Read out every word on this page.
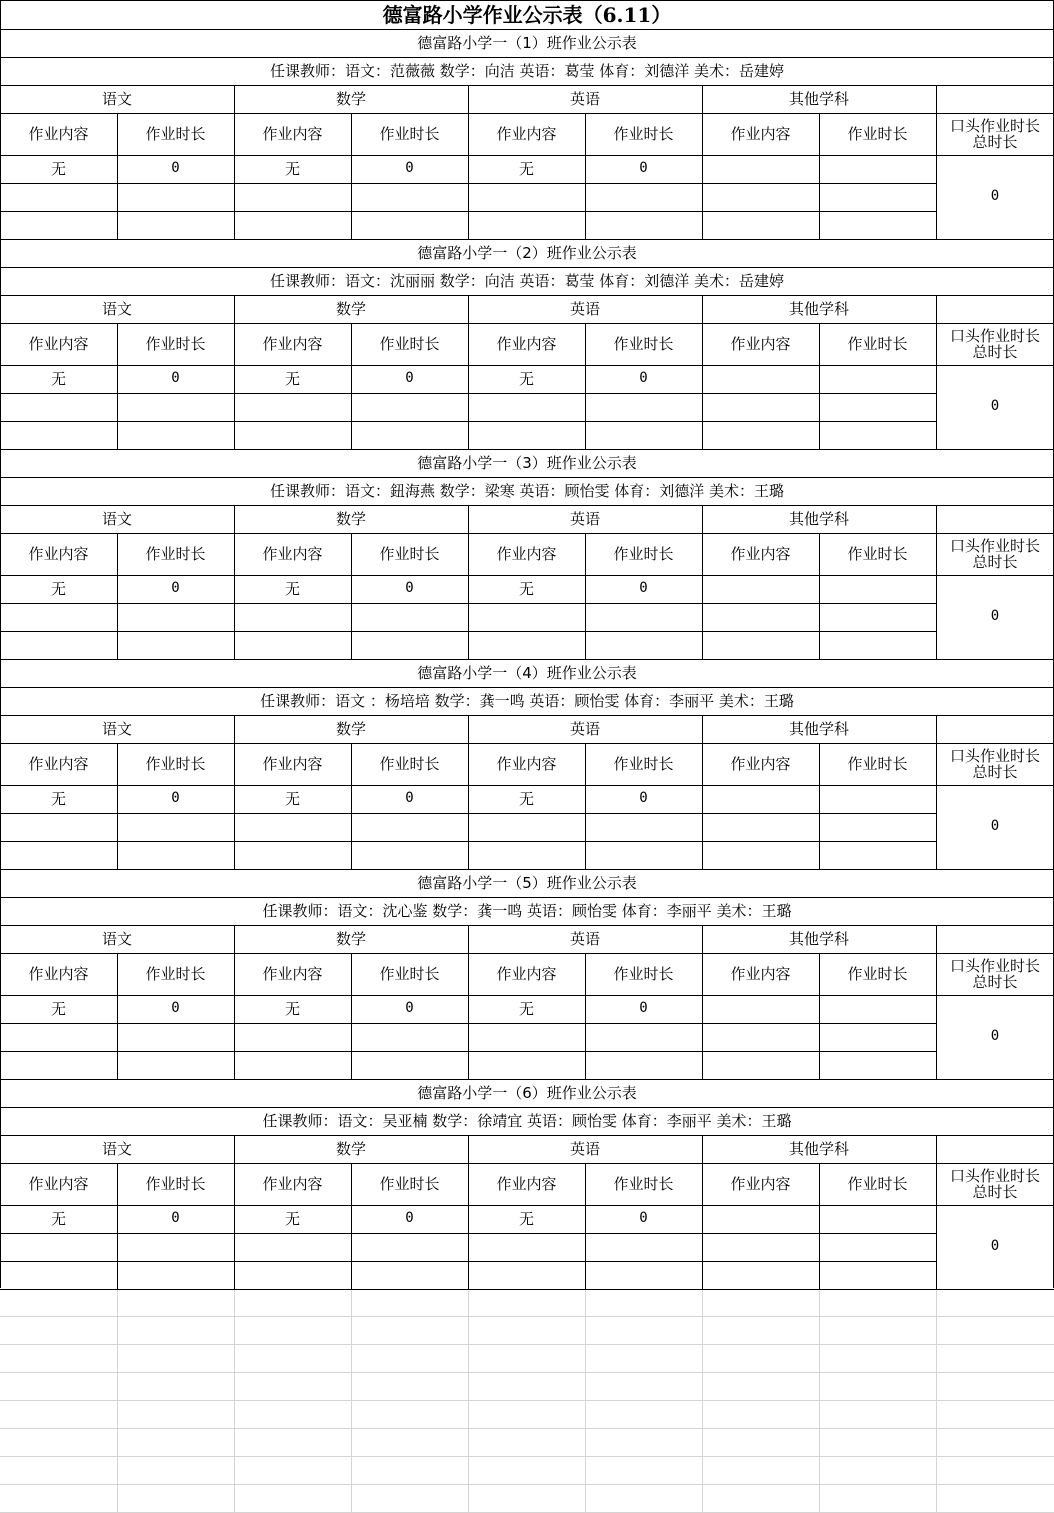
德富路小学作业公示表（6.11）
德富路小学一（1）班作业公示表
任课教师：语文：范薇薇 数学：向洁 英语：葛莹 体育：刘德洋 美术：岳建婷
语文	数学	英语	其他学科
作业内容	作业时长	作业内容	作业时长	作业内容	作业时长	作业内容	作业时长	口头作业时长
总时长
无	0	无	0	无	0
0
德富路小学一（2）班作业公示表
任课教师：语文：沈丽丽 数学：向洁 英语：葛莹 体育：刘德洋 美术：岳建婷
语文	数学	英语	其他学科
作业内容	作业时长	作业内容	作业时长	作业内容	作业时长	作业内容	作业时长	口头作业时长
总时长
无	0	无	0	无	0
0
德富路小学一（3）班作业公示表
任课教师：语文：鈕海燕 数学：梁寒 英语：顾怡雯 体育：刘德洋 美术：王璐
语文	数学	英语	其他学科
作业内容	作业时长	作业内容	作业时长	作业内容	作业时长	作业内容	作业时长	口头作业时长
总时长
无	0	无	0	无	0
0
德富路小学一（4）班作业公示表
任课教师：语文 ：杨培培 数学：龚一鸣 英语：顾怡雯 体育：李丽平 美术：王璐
语文	数学	英语	其他学科
作业内容	作业时长	作业内容	作业时长	作业内容	作业时长	作业内容	作业时长	口头作业时长
总时长
无	0	无	0	无	0
0
德富路小学一（5）班作业公示表
任课教师：语文：沈心鉴 数学：龚一鸣 英语：顾怡雯 体育：李丽平 美术：王璐
语文	数学	英语	其他学科
作业内容	作业时长	作业内容	作业时长	作业内容	作业时长	作业内容	作业时长	口头作业时长
总时长
无	0	无	0	无	0
0
德富路小学一（6）班作业公示表
任课教师：语文：吴亚楠 数学：徐靖宜 英语：顾怡雯 体育：李丽平 美术：王璐
语文	数学	英语	其他学科
作业内容	作业时长	作业内容	作业时长	作业内容	作业时长	作业内容	作业时长	口头作业时长
总时长
无	0	无	0	无	0
0
